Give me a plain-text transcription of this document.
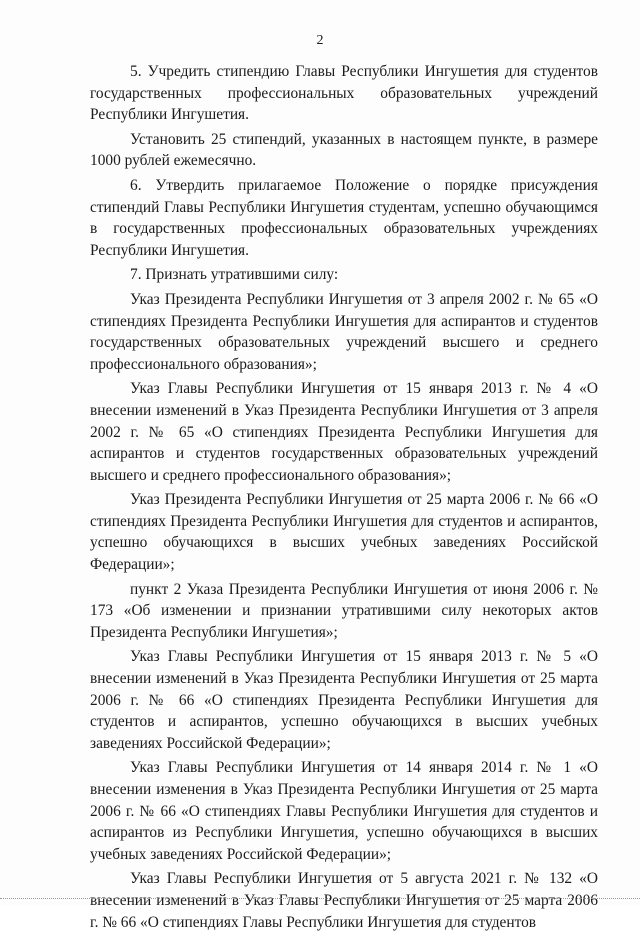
2

5. Учредить стипендию Главы Республики Ингушетия для студентов государственных профессиональных образовательных учреждений Республики Ингушетия.

Установить 25 стипендий, указанных в настоящем пункте, в размере 1000 рублей ежемесячно.

6. Утвердить прилагаемое Положение о порядке присуждения стипендий Главы Республики Ингушетия студентам, успешно обучающимся в государственных профессиональных образовательных учреждениях Республики Ингушетия.

7. Признать утратившими силу:

Указ Президента Республики Ингушетия от 3 апреля 2002 г. № 65 «О стипендиях Президента Республики Ингушетия для аспирантов и студентов государственных образовательных учреждений высшего и среднего профессионального образования»;

Указ Главы Республики Ингушетия от 15 января 2013 г. № 4 «О внесении изменений в Указ Президента Республики Ингушетия от 3 апреля 2002 г. № 65 «О стипендиях Президента Республики Ингушетия для аспирантов и студентов государственных образовательных учреждений высшего и среднего профессионального образования»;

Указ Президента Республики Ингушетия от 25 марта 2006 г. № 66 «О стипендиях Президента Республики Ингушетия для студентов и аспирантов, успешно обучающихся в высших учебных заведениях Российской Федерации»;

пункт 2 Указа Президента Республики Ингушетия от июня 2006 г. № 173 «Об изменении и признании утратившими силу некоторых актов Президента Республики Ингушетия»;

Указ Главы Республики Ингушетия от 15 января 2013 г. № 5 «О внесении изменений в Указ Президента Республики Ингушетия от 25 марта 2006 г. № 66 «О стипендиях Президента Республики Ингушетия для студентов и аспирантов, успешно обучающихся в высших учебных заведениях Российской Федерации»;

Указ Главы Республики Ингушетия от 14 января 2014 г. № 1 «О внесении изменения в Указ Президента Республики Ингушетия от 25 марта 2006 г. № 66 «О стипендиях Главы Республики Ингушетия для студентов и аспирантов из Республики Ингушетия, успешно обучающихся в высших учебных заведениях Российской Федерации»;

Указ Главы Республики Ингушетия от 5 августа 2021 г. № 132 «О внесении изменений в Указ Главы Республики Ингушетия от 25 марта 2006 г. № 66 «О стипендиях Главы Республики Ингушетия для студентов
